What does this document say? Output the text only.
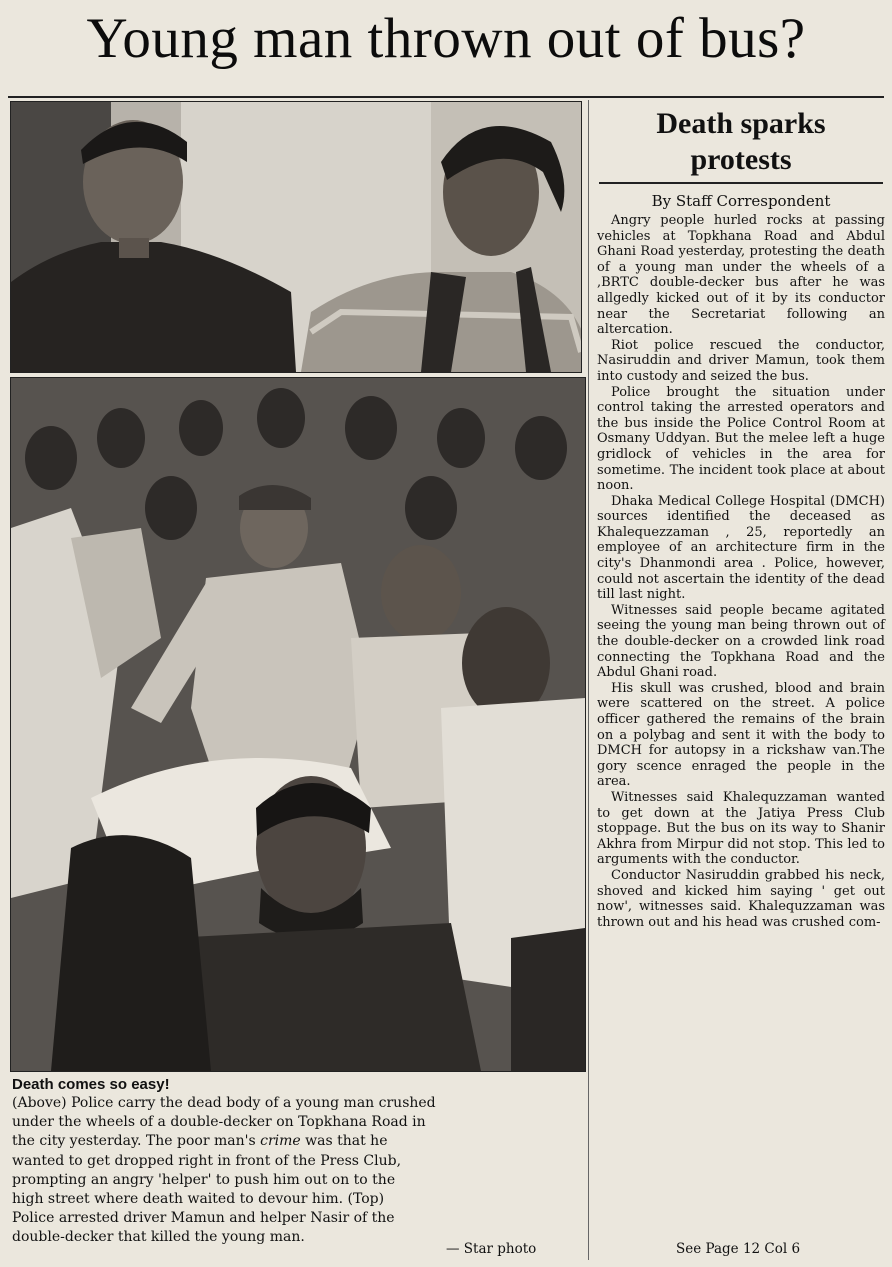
Young man thrown out of bus?
Death comes so easy!
(Above) Police carry the dead body of a young man crushed
under the wheels of a double-decker on Topkhana Road in
the city yesterday. The poor man's crime was that he
wanted to get dropped right in front of the Press Club,
prompting an angry 'helper' to push him out on to the
high street where death waited to devour him. (Top)
Police arrested driver Mamun and helper Nasir of the
double-decker that killed the young man.
— Star photo
Death sparks
protests
By Staff Correspondent

Angry people hurled rocks at passing vehicles at Topkhana Road and Abdul Ghani Road yesterday, protesting the death of a young man under the wheels of a ,BRTC double-decker bus after he was allgedly kicked out of it by its conductor near the Secretariat following an altercation.

Riot police rescued the conductor, Nasiruddin and driver Mamun, took them into custody and seized the bus.

Police brought the situation under control taking the arrested operators and the bus inside the Police Control Room at Osmany Uddyan. But the melee left a huge gridlock of vehicles in the area for sometime. The incident took place at about noon.

Dhaka Medical College Hospital (DMCH) sources identified the deceased as Khalequezzaman , 25, reportedly an employee of an architecture firm in the city's Dhanmondi area . Police, however, could not ascertain the identity of the dead till last night.

Witnesses said people became agitated seeing the young man being thrown out of the double-decker on a crowded link road connecting the Topkhana Road and the Abdul Ghani road.

His skull was crushed, blood and brain were scattered on the street. A police officer gathered the remains of the brain on a polybag and sent it with the body to DMCH for autopsy in a rickshaw van.The gory scence enraged the people in the area.

Witnesses said Khalequzzaman wanted to get down at the Jatiya Press Club stoppage. But the bus on its way to Shanir Akhra from Mirpur did not stop. This led to arguments with the conductor.

Conductor Nasiruddin grabbed his neck, shoved and kicked him saying ' get out now', witnesses said. Khalequzzaman was thrown out and his head was crushed com-

See Page 12 Col 6
